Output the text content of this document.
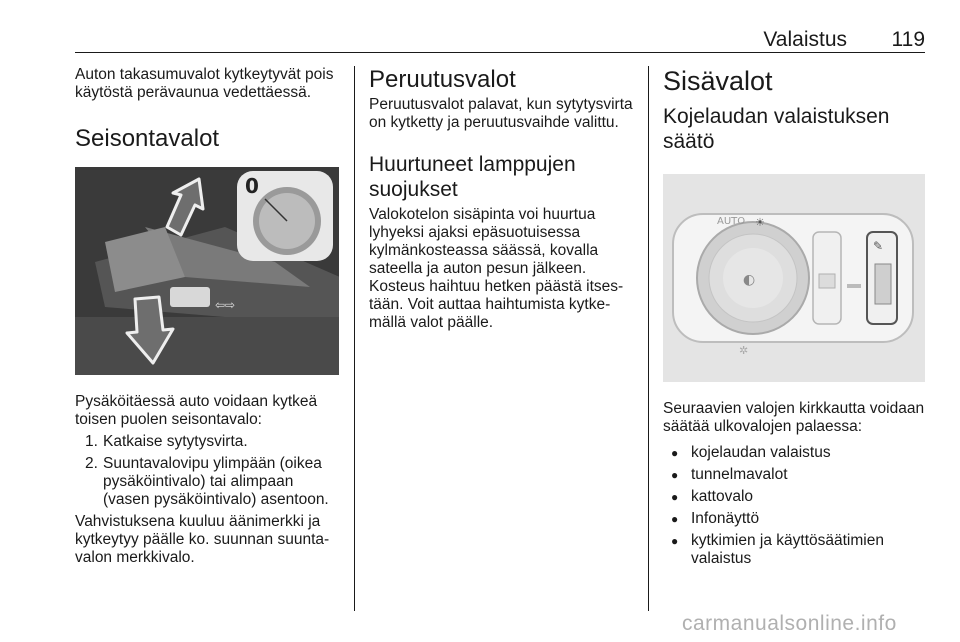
Valaistus 119

Auton takasumuvalot kytkeytyvät pois käytöstä perävaunua vedettäessä.

Seisontavalot
⇦⇨
0

Pysäköitäessä auto voidaan kytkeä toisen puolen seisontavalo:

1. Katkaise sytytysvirta.
2. Suuntavalovipu ylimpään (oikea pysäköintivalo) tai alimpaan (vasen pysäköintivalo) asentoon.

Vahvistuksena kuuluu äänimerkki ja kytkeytyy päälle ko. suunnan suuntavalon merkkivalo.

Peruutusvalot

Peruutusvalot palavat, kun sytytysvirta on kytketty ja peruutusvaihde valittu.

Huurtuneet lamppujen suojukset

Valokotelon sisäpinta voi huurtua lyhyeksi ajaksi epäsuotuisessa kylmänkosteassa säässä, kovalla sateella ja auton pesun jälkeen. Kosteus haihtuu hetken päästä itsestään. Voit auttaa haihtumista kytkemällä valot päälle.

Sisävalot
Kojelaudan valaistuksen säätö
◐
AUTO ☀
✎
✲

Seuraavien valojen kirkkautta voidaan säätää ulkovalojen palaessa:

● kojelaudan valaistus
● tunnelmavalot
● kattovalo
● Infonäyttö
● kytkimien ja käyttösäätimien valaistus
carmanualsonline.info
